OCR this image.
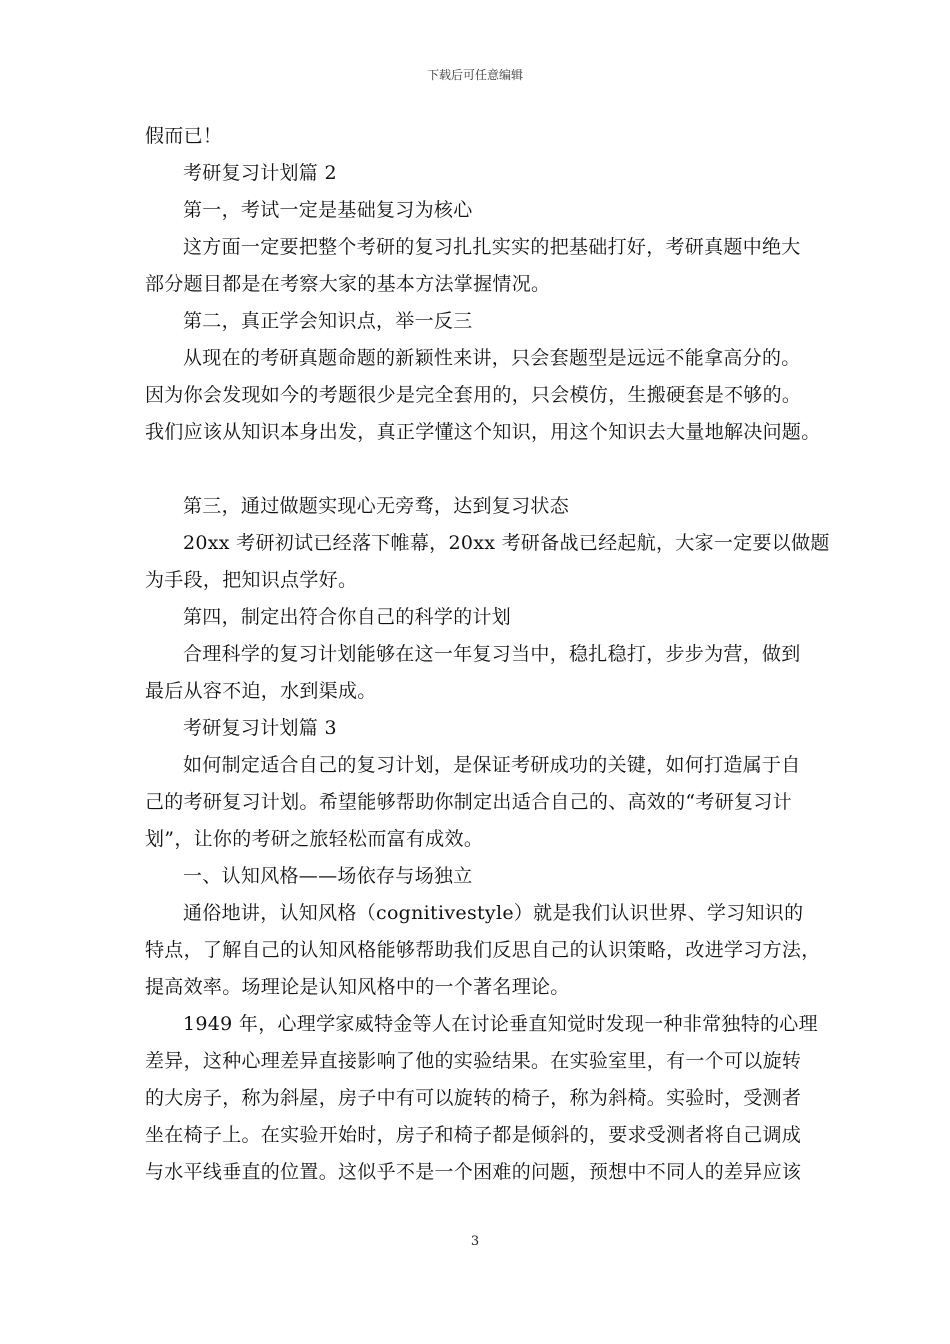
下载后可任意编辑

假而已！

考研复习计划篇 2

第一，考试一定是基础复习为核心

这方面一定要把整个考研的复习扎扎实实的把基础打好，考研真题中绝大

部分题目都是在考察大家的基本方法掌握情况。

第二，真正学会知识点，举一反三

从现在的考研真题命题的新颖性来讲，只会套题型是远远不能拿高分的。

因为你会发现如今的考题很少是完全套用的，只会模仿，生搬硬套是不够的。

我们应该从知识本身出发，真正学懂这个知识，用这个知识去大量地解决问题。

第三，通过做题实现心无旁骛，达到复习状态

20xx 考研初试已经落下帷幕，20xx 考研备战已经起航，大家一定要以做题

为手段，把知识点学好。

第四，制定出符合你自己的科学的计划

合理科学的复习计划能够在这一年复习当中，稳扎稳打，步步为营，做到

最后从容不迫，水到渠成。

考研复习计划篇 3

如何制定适合自己的复习计划，是保证考研成功的关键，如何打造属于自

己的考研复习计划。希望能够帮助你制定出适合自己的、高效的“考研复习计

划”，让你的考研之旅轻松而富有成效。

一、认知风格——场依存与场独立

通俗地讲，认知风格（cognitivestyle）就是我们认识世界、学习知识的

特点，了解自己的认知风格能够帮助我们反思自己的认识策略，改进学习方法，

提高效率。场理论是认知风格中的一个著名理论。

1949 年，心理学家威特金等人在讨论垂直知觉时发现一种非常独特的心理

差异，这种心理差异直接影响了他的实验结果。在实验室里，有一个可以旋转

的大房子，称为斜屋，房子中有可以旋转的椅子，称为斜椅。实验时，受测者

坐在椅子上。在实验开始时，房子和椅子都是倾斜的，要求受测者将自己调成

与水平线垂直的位置。这似乎不是一个困难的问题，预想中不同人的差异应该

3
